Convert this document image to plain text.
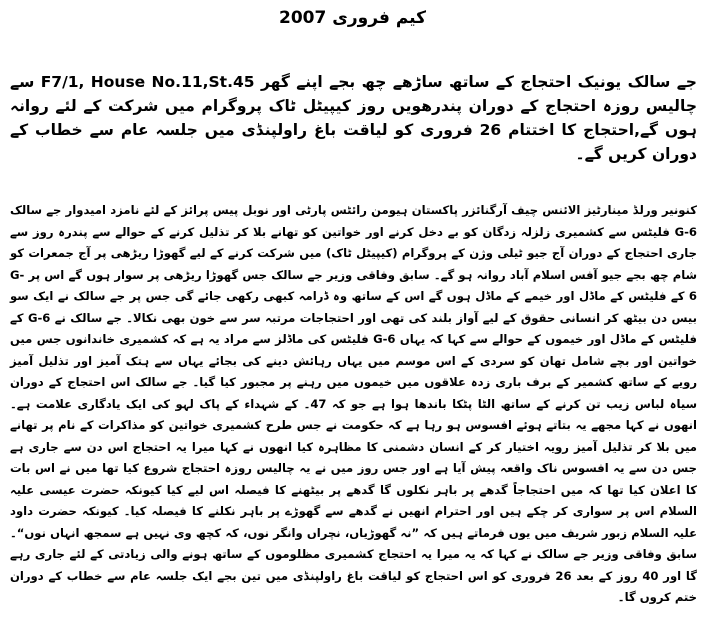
کیم فروری 2007
جے سالک یونیک احتجاج کے ساتھ ساڑھے چھ بجے اپنے گھر F7/1, House No.11,St.45 سے چالیس روزہ احتجاج کے دوران پندرھویں روز کیپیٹل ٹاک پروگرام میں شرکت کے لئے روانہ ہوں گے,احتجاج کا اختتام 26 فروری کو لیاقت باغ راولپنڈی میں جلسہ عام سے خطاب کے دوران کریں گے۔
کنونیر ورلڈ مینارٹیز الائنس چیف آرگنائزر پاکستان ہیومن رائٹس پارٹی اور نوبل پیس پرائز کے لئے نامزد امیدوار جے سالک G-6 فلیٹس سے کشمیری زلزلہ زدگان کو بے دخل کرنے اور خواتین کو تھانے بلا کر تذلیل کرنے کے حوالے سے پندرہ روز سے جاری احتجاج کے دوران آج جیو ٹیلی وژن کے پروگرام (کیپیٹل ٹاک) میں شرکت کرنے کے لیے گھوڑا ریڑھی پر آج جمعرات کو شام چھ بجے جیو آفس اسلام آباد روانہ ہو گے۔ سابق وفاقی وزیر جے سالک جس گھوڑا ریڑھی پر سوار ہوں گے اس پر G-6 کے فلیٹس کے ماڈل اور خیمے کے ماڈل ہوں گے اس کے ساتھ وہ ڈرامہ کبھی رکھی جائے گی جس پر جے سالک نے ایک سو بیس دن بیٹھ کر انسانی حقوق کے لیے آواز بلند کی تھی اور احتجاجات مرتبہ سر سے خون بھی نکالا۔ جے سالک نے G-6 کے فلیٹس کے ماڈل اور خیموں کے حوالے سے کہا کہ یہاں G-6 فلیٹس کی ماڈلز سے مراد یہ ہے کہ کشمیری خاندانوں جس میں خواتین اور بچے شامل تھان کو سردی کے اس موسم میں یہاں رہائش دینے کی بجائے یہاں سے ہتک آمیز اور تذلیل آمیز رویے کے ساتھ کشمیر کے برف باری زدہ علاقوں میں خیموں میں رہنے پر مجبور کیا گیا۔ جے سالک اس احتجاج کے دوران سیاہ لباس زیب تن کرنے کے ساتھ الٹا پٹکا باندھا ہوا ہے جو کہ 47۔ کے شہداء کے پاک لہو کی ایک یادگاری علامت ہے۔ انھوں نے کہا مجھے یہ بتاتے ہوئے افسوس ہو رہا ہے کہ حکومت نے جس طرح کشمیری خواتین کو مذاکرات کے نام پر تھانے میں بلا کر تذلیل آمیز رویہ اختیار کر کے انسان دشمنی کا مظاہرہ کیا انھوں نے کہا میرا یہ احتجاج اس دن سے جاری ہے جس دن سے یہ افسوس ناک واقعہ پیش آیا ہے اور جس روز میں نے یہ چالیس روزہ احتجاج شروع کیا تھا میں نے اس بات کا اعلان کیا تھا کہ میں احتجاجاً گدھے پر باہر نکلوں گا گدھے پر بیٹھنے کا فیصلہ اس لیے کیا کیونکہ حضرت عیسی علیہ السلام اس پر سواری کر چکے ہیں اور احترام انھیں نے گدھے سے گھوڑے پر باہر نکلنے کا فیصلہ کیا۔ کیونکہ حضرت داود علیہ السلام زبور شریف میں یوں فرماتے ہیں کہ ”نہ گھوڑیاں، نچراں وانگر نوں، کہ کچھ وی نہیں ہے سمجھ انہاں نوں“۔ سابق وفاقی وزیر جے سالک نے کہا کہ یہ میرا یہ احتجاج کشمیری مظلوموں کے ساتھ ہونے والی زیادتی کے لئے جاری رہے گا اور 40 روز کے بعد 26 فروری کو اس احتجاج کو لیاقت باغ راولپنڈی میں تین بجے ایک جلسہ عام سے خطاب کے دوران ختم کروں گا۔
